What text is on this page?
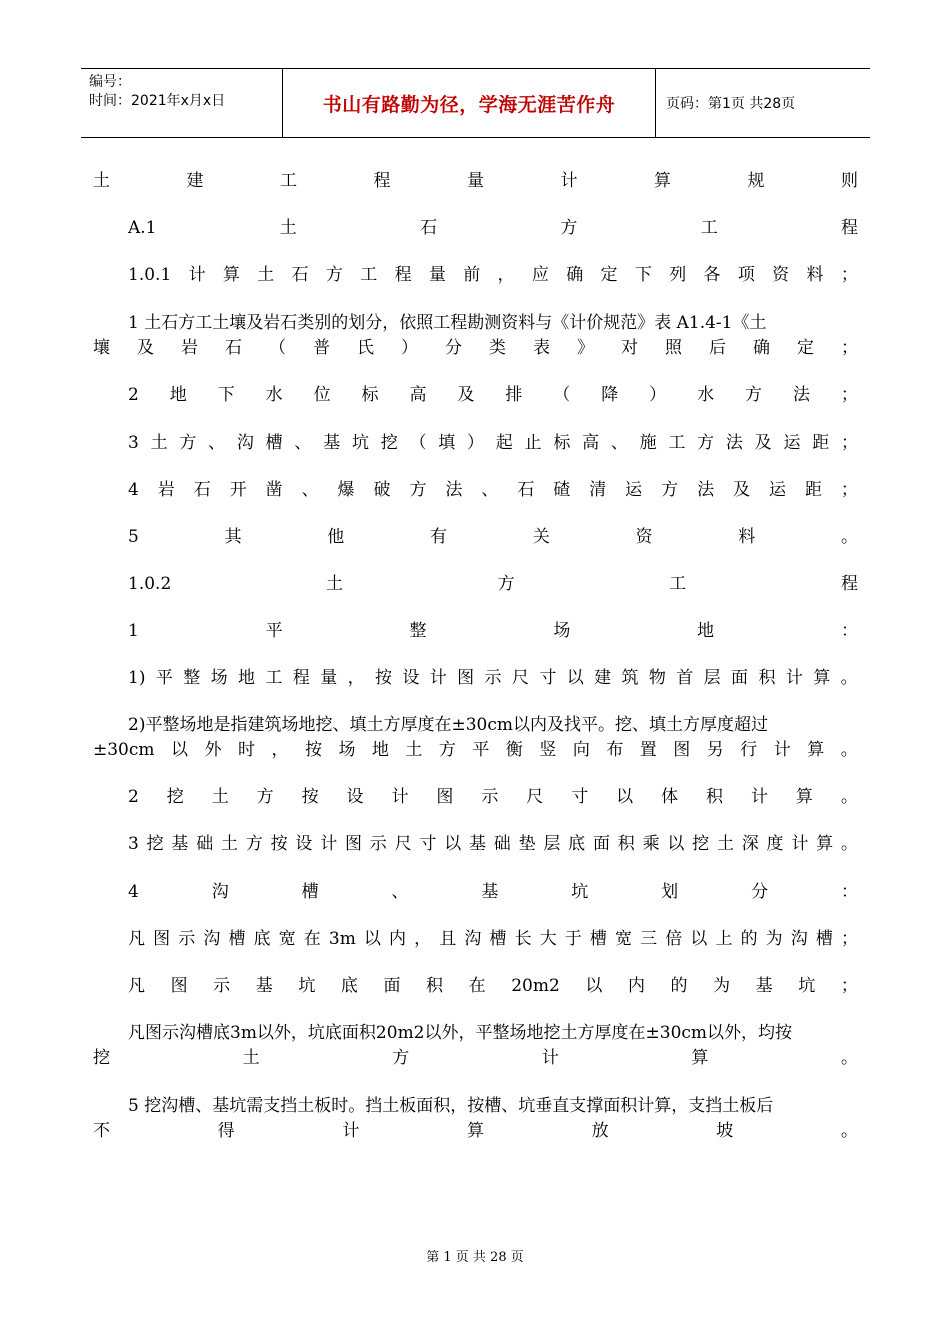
编号：
时间：2021年x月x日	书山有路勤为径，学海无涯苦作舟	页码：第1页 共28页
土	建	工	程	量	计	算	规	则
A.1	土	石	方	工	程
1.0.1 计 算 土 石 方 工 程 量 前 ， 应 确 定 下 列 各 项 资 料 ；
1 土石方工土壤及岩石类别的划分，依照工程勘测资料与《计价规范》表 A1.4-1《土
壤 及 岩 石 （ 普 氏 ） 分 类 表 》 对 照 后 确 定 ；
2 地 下 水 位 标 高 及 排 （ 降 ） 水 方 法 ；
3 土 方 、 沟 槽 、 基 坑 挖 （ 填 ） 起 止 标 高 、 施 工 方 法 及 运 距 ；
4 岩 石 开 凿 、 爆 破 方 法 、 石 碴 清 运 方 法 及 运 距 ；
5	其	他	有	关	资	料	。
1.0.2	土	方	工	程
1	平	整	场	地	：
1) 平 整 场 地 工 程 量 ， 按 设 计 图 示 尺 寸 以 建 筑 物 首 层 面 积 计 算 。
2)平整场地是指建筑场地挖、填土方厚度在±30cm以内及找平。挖、填土方厚度超过
±30cm 以 外 时 ， 按 场 地 土 方 平 衡 竖 向 布 置 图 另 行 计 算 。
2 挖 土 方 按 设 计 图 示 尺 寸 以 体 积 计 算 。
3 挖 基 础 土 方 按 设 计 图 示 尺 寸 以 基 础 垫 层 底 面 积 乘 以 挖 土 深 度 计 算 。
4	沟	槽	、	基	坑	划	分	：
凡 图 示 沟 槽 底 宽 在 3m 以 内 ， 且 沟 槽 长 大 于 槽 宽 三 倍 以 上 的 为 沟 槽 ；
凡 图 示 基 坑 底 面 积 在 20m2 以 内 的 为 基 坑 ；
凡图示沟槽底3m以外，坑底面积20m2以外，平整场地挖土方厚度在±30cm以外，均按
挖	土	方	计	算	。
5 挖沟槽、基坑需支挡土板时。挡土板面积，按槽、坑垂直支撑面积计算，支挡土板后
不	得	计	算	放	坡	。
第 1 页 共 28 页
